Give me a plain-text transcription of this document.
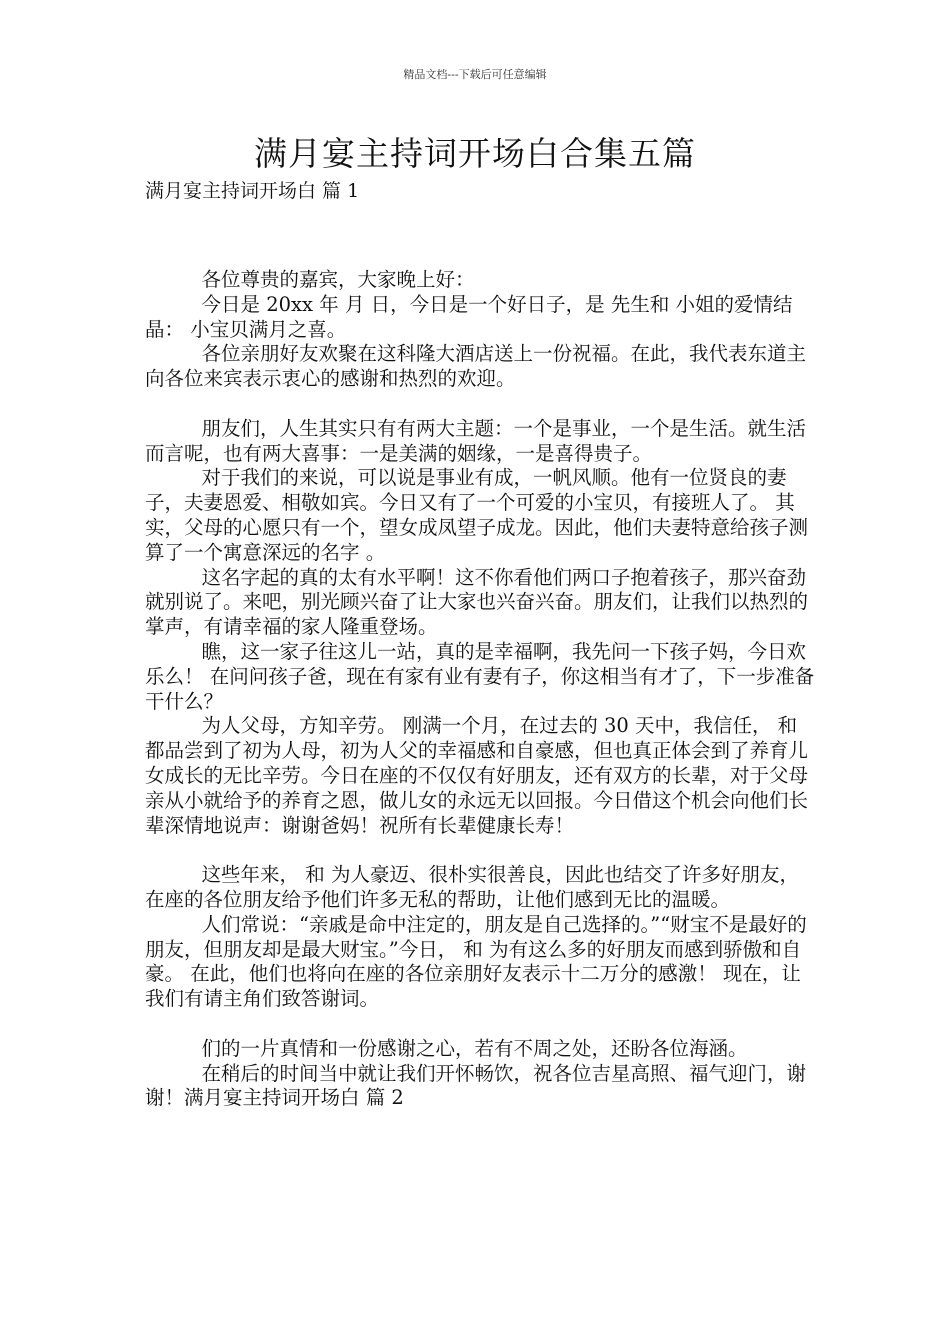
精品文档---下载后可任意编辑
满月宴主持词开场白合集五篇
满月宴主持词开场白 篇 1

各位尊贵的嘉宾，大家晚上好：

今日是 20xx 年 月 日，今日是一个好日子，是 先生和 小姐的爱情结晶： 小宝贝满月之喜。

各位亲朋好友欢聚在这科隆大酒店送上一份祝福。在此，我代表东道主向各位来宾表示衷心的感谢和热烈的欢迎。

朋友们，人生其实只有有两大主题：一个是事业，一个是生活。就生活而言呢，也有两大喜事：一是美满的姻缘，一是喜得贵子。

对于我们的来说，可以说是事业有成，一帆风顺。他有一位贤良的妻子，夫妻恩爱、相敬如宾。今日又有了一个可爱的小宝贝，有接班人了。 其实，父母的心愿只有一个，望女成凤望子成龙。因此，他们夫妻特意给孩子测算了一个寓意深远的名字 。

这名字起的真的太有水平啊！这不你看他们两口子抱着孩子，那兴奋劲就别说了。来吧，别光顾兴奋了让大家也兴奋兴奋。朋友们，让我们以热烈的掌声，有请幸福的家人隆重登场。

瞧，这一家子往这儿一站，真的是幸福啊，我先问一下孩子妈，今日欢乐么！ 在问问孩子爸，现在有家有业有妻有子，你这相当有才了，下一步准备干什么？

为人父母，方知辛劳。 刚满一个月，在过去的 30 天中，我信任， 和 都品尝到了初为人母，初为人父的幸福感和自豪感，但也真正体会到了养育儿女成长的无比辛劳。今日在座的不仅仅有好朋友，还有双方的长辈，对于父母亲从小就给予的养育之恩，做儿女的永远无以回报。今日借这个机会向他们长辈深情地说声：谢谢爸妈！祝所有长辈健康长寿！

这些年来， 和 为人豪迈、很朴实很善良，因此也结交了许多好朋友，在座的各位朋友给予他们许多无私的帮助，让他们感到无比的温暖。

人们常说：“亲戚是命中注定的，朋友是自己选择的。”“财宝不是最好的朋友，但朋友却是最大财宝。”今日， 和 为有这么多的好朋友而感到骄傲和自豪。 在此，他们也将向在座的各位亲朋好友表示十二万分的感激！ 现在，让我们有请主角们致答谢词。

们的一片真情和一份感谢之心，若有不周之处，还盼各位海涵。

在稍后的时间当中就让我们开怀畅饮，祝各位吉星高照、福气迎门，谢谢！满月宴主持词开场白 篇 2
